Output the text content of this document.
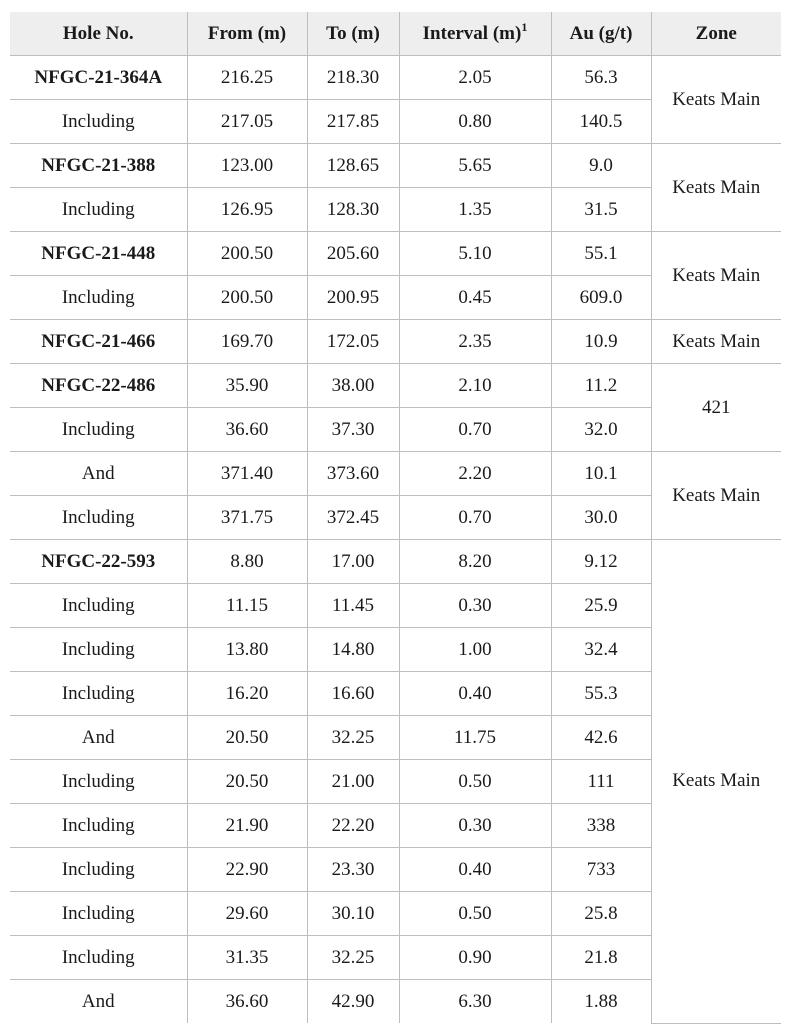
Hole No.	From (m)	To (m)	Interval $(m)^1$	Au (g/t)	Zone
NFGC-21-364A	216.25	218.30	2.05	56.3	Keats Main
Including	217.05	217.85	0.80	140.5	
NFGC-21-388	123.00	128.65	5.65	9.0	Keats Main
Including	126.95	128.30	1.35	31.5	
NFGC-21-448	200.50	205.60	5.10	55.1	Keats Main
Including	200.50	200.95	0.45	609.0	
NFGC-21-466	169.70	172.05	2.35	10.9	Keats Main
NFGC-22-486	35.90	38.00	2.10	11.2	421
Including	36.60	37.30	0.70	32.0	
And	371.40	373.60	2.20	10.1	Keats Main
Including	371.75	372.45	0.70	30.0	
NFGC-22-593	8.80	17.00	8.20	9.12	Keats Main
Including	11.15	11.45	0.30	25.9	
Including	13.80	14.80	1.00	32.4	
Including	16.20	16.60	0.40	55.3	
And	20.50	32.25	11.75	42.6	
Including	20.50	21.00	0.50	111	
Including	21.90	22.20	0.30	338	
Including	22.90	23.30	0.40	733	
Including	29.60	30.10	0.50	25.8	
Including	31.35	32.25	0.90	21.8	
And	36.60	42.90	6.30	1.88	
